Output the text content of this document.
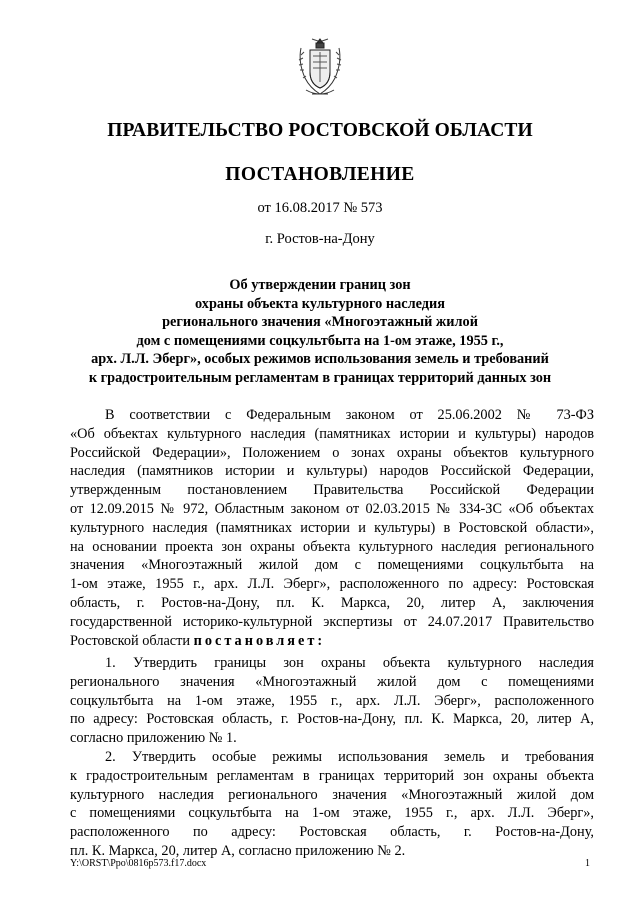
ПРАВИТЕЛЬСТВО РОСТОВСКОЙ ОБЛАСТИ
ПОСТАНОВЛЕНИЕ
от 16.08.2017 № 573
г. Ростов-на-Дону
Об утверждении границ зон
охраны объекта культурного наследия
регионального значения «Многоэтажный жилой
дом с помещениями соцкультбыта на 1-ом этаже, 1955 г.,
арх. Л.Л. Эберг», особых режимов использования земель и требований
к градостроительным регламентам в границах территорий данных зон
В соответствии с Федеральным законом от 25.06.2002 № 73-ФЗ
«Об объектах культурного наследия (памятниках истории и культуры) народов
Российской Федерации», Положением о зонах охраны объектов культурного
наследия (памятников истории и культуры) народов Российской Федерации,
утвержденным постановлением Правительства Российской Федерации
от 12.09.2015 № 972, Областным законом от 02.03.2015 № 334-ЗС «Об объектах
культурного наследия (памятниках истории и культуры) в Ростовской области»,
на основании проекта зон охраны объекта культурного наследия регионального
значения «Многоэтажный жилой дом с помещениями соцкультбыта на
1-ом этаже, 1955 г., арх. Л.Л. Эберг», расположенного по адресу: Ростовская
область, г. Ростов-на-Дону, пл. К. Маркса, 20, литер А, заключения
государственной историко-культурной экспертизы от 24.07.2017 Правительство
Ростовской области постановляет:
1. Утвердить границы зон охраны объекта культурного наследия
регионального значения «Многоэтажный жилой дом с помещениями
соцкультбыта на 1-ом этаже, 1955 г., арх. Л.Л. Эберг», расположенного
по адресу: Ростовская область, г. Ростов-на-Дону, пл. К. Маркса, 20, литер А,
согласно приложению № 1.
2. Утвердить особые режимы использования земель и требования
к градостроительным регламентам в границах территорий зон охраны объекта
культурного наследия регионального значения «Многоэтажный жилой дом
с помещениями соцкультбыта на 1-ом этаже, 1955 г., арх. Л.Л. Эберг»,
расположенного по адресу: Ростовская область, г. Ростов-на-Дону,
пл. К. Маркса, 20, литер А, согласно приложению № 2.
Y:\ORST\Ppo\0816p573.f17.docx	1
